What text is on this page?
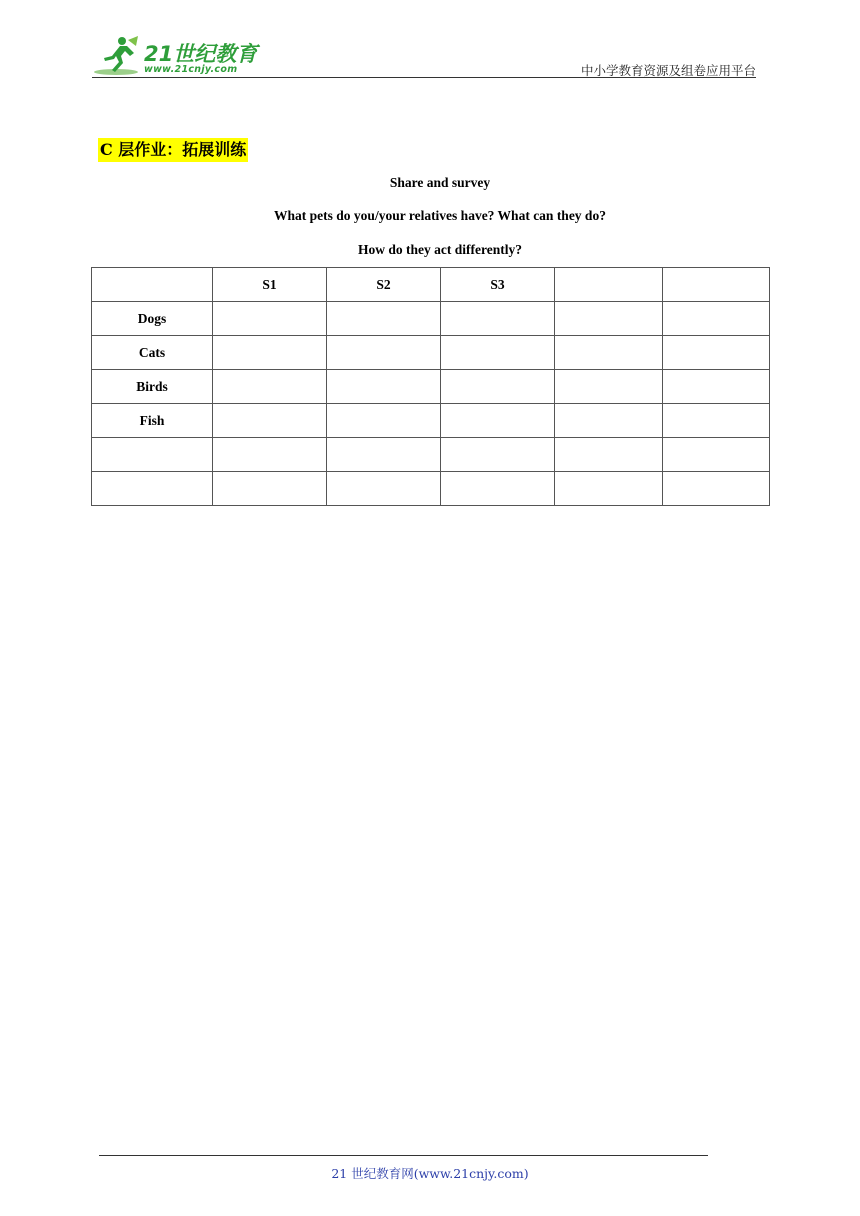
21世纪教育
www.21cnjy.com	中小学教育资源及组卷应用平台
C 层作业：拓展训练
Share and survey
What pets do you/your relatives have? What can they do?
How do they act differently?
	S1	S2	S3		
Dogs					
Cats					
Birds					
Fish					

21 世纪教育网(www.21cnjy.com)
